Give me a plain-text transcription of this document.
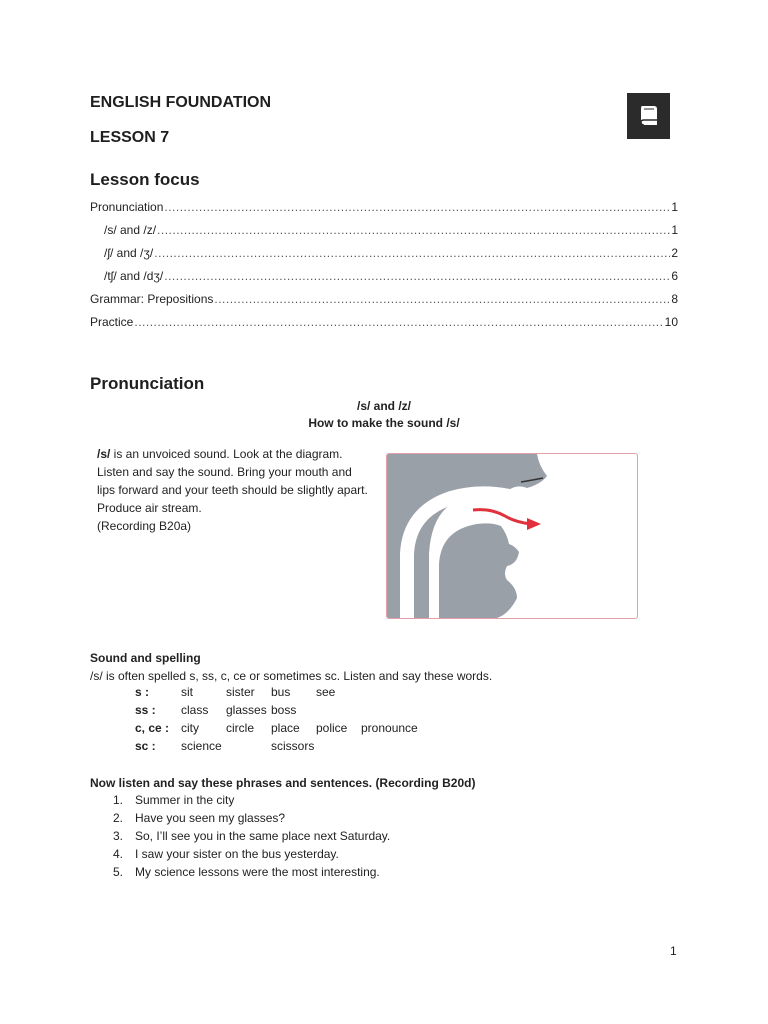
ENGLISH FOUNDATION
LESSON 7
Lesson focus
Pronunciation .....	1
/s/ and /z/ .....	1
/ʃ/ and /ʒ/ .....	2
/tʃ/ and /dʒ/ .....	6
Grammar: Prepositions .....	8
Practice .....	10
Pronunciation
/s/ and /z/
How to make the sound /s/
/s/ is an unvoiced sound. Look at the diagram. Listen and say the sound. Bring your mouth and lips forward and your teeth should be slightly apart. Produce air stream.
(Recording B20a)
Sound and spelling
/s/ is often spelled s, ss, c, ce or sometimes sc. Listen and say these words.
s :	sit	sister bus see
ss : class glasses boss
c, ce : city circle place police pronounce
sc : science	scissors
Now listen and say these phrases and sentences. (Recording B20d)
1. Summer in the city
2. Have you seen my glasses?
3. So, I’ll see you in the same place next Saturday.
4. I saw your sister on the bus yesterday.
5. My science lessons were the most interesting.
1
